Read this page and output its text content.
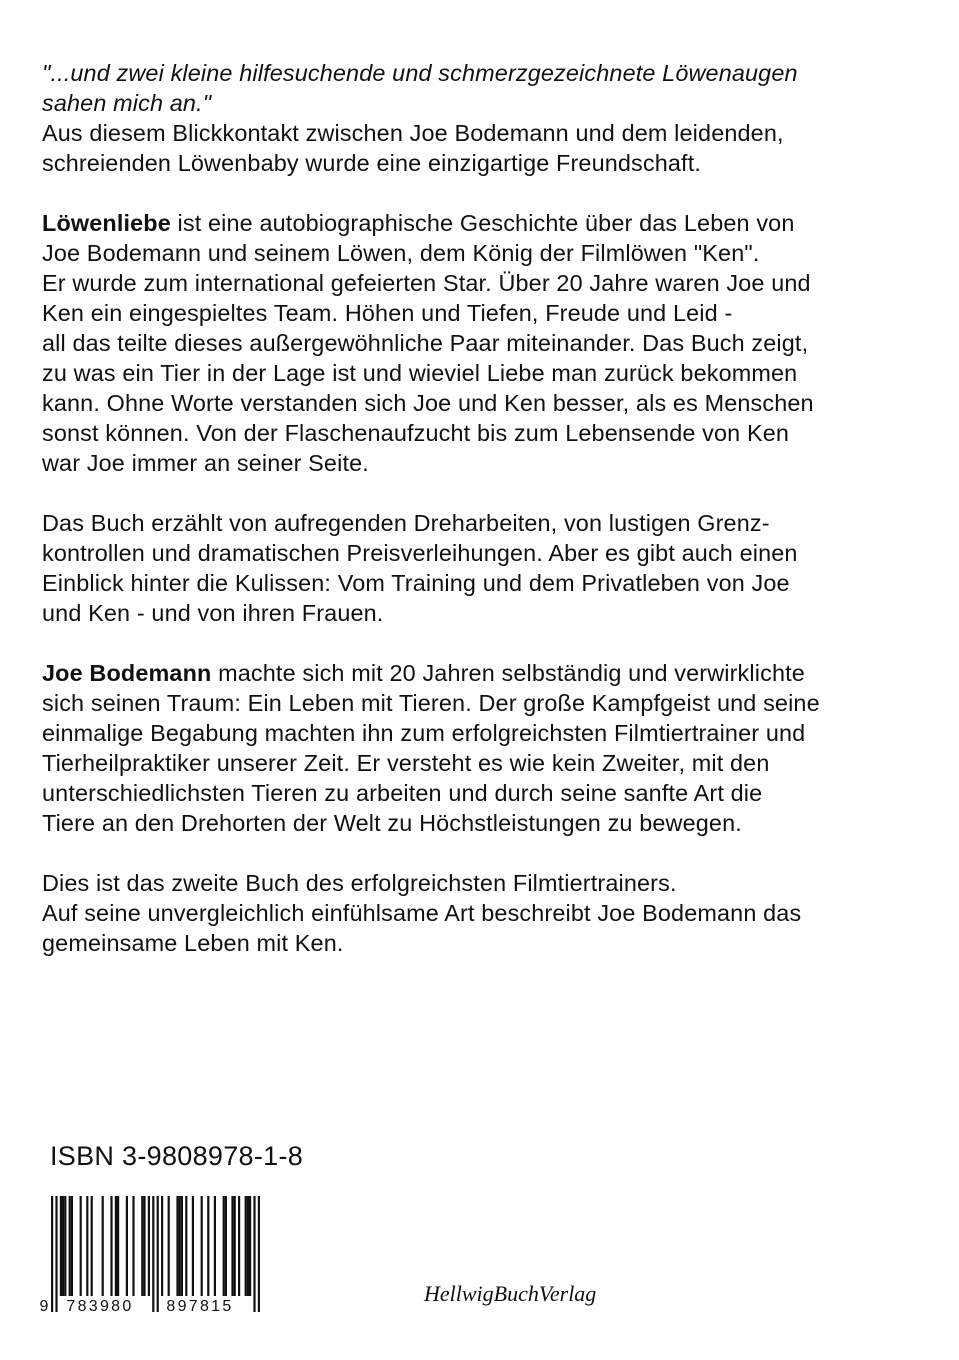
"...und zwei kleine hilfesuchende und schmerzgezeichnete Löwenaugen
sahen mich an."
Aus diesem Blickkontakt zwischen Joe Bodemann und dem leidenden,
schreienden Löwenbaby wurde eine einzigartige Freundschaft.

Löwenliebe ist eine autobiographische Geschichte über das Leben von
Joe Bodemann und seinem Löwen, dem König der Filmlöwen "Ken".
Er wurde zum international gefeierten Star. Über 20 Jahre waren Joe und
Ken ein eingespieltes Team. Höhen und Tiefen, Freude und Leid -
all das teilte dieses außergewöhnliche Paar miteinander. Das Buch zeigt,
zu was ein Tier in der Lage ist und wieviel Liebe man zurück bekommen
kann. Ohne Worte verstanden sich Joe und Ken besser, als es Menschen
sonst können. Von der Flaschenaufzucht bis zum Lebensende von Ken
war Joe immer an seiner Seite.

Das Buch erzählt von aufregenden Dreharbeiten, von lustigen Grenz-
kontrollen und dramatischen Preisverleihungen. Aber es gibt auch einen
Einblick hinter die Kulissen: Vom Training und dem Privatleben von Joe
und Ken - und von ihren Frauen.

Joe Bodemann machte sich mit 20 Jahren selbständig und verwirklichte
sich seinen Traum: Ein Leben mit Tieren. Der große Kampfgeist und seine
einmalige Begabung machten ihn zum erfolgreichsten Filmtiertrainer und
Tierheilpraktiker unserer Zeit. Er versteht es wie kein Zweiter, mit den
unterschiedlichsten Tieren zu arbeiten und durch seine sanfte Art die
Tiere an den Drehorten der Welt zu Höchstleistungen zu bewegen.

Dies ist das zweite Buch des erfolgreichsten Filmtiertrainers.
Auf seine unvergleichlich einfühlsame Art beschreibt Joe Bodemann das
gemeinsame Leben mit Ken.

ISBN 3-9808978-1-8
9 783980 897815
HellwigBuchVerlag
